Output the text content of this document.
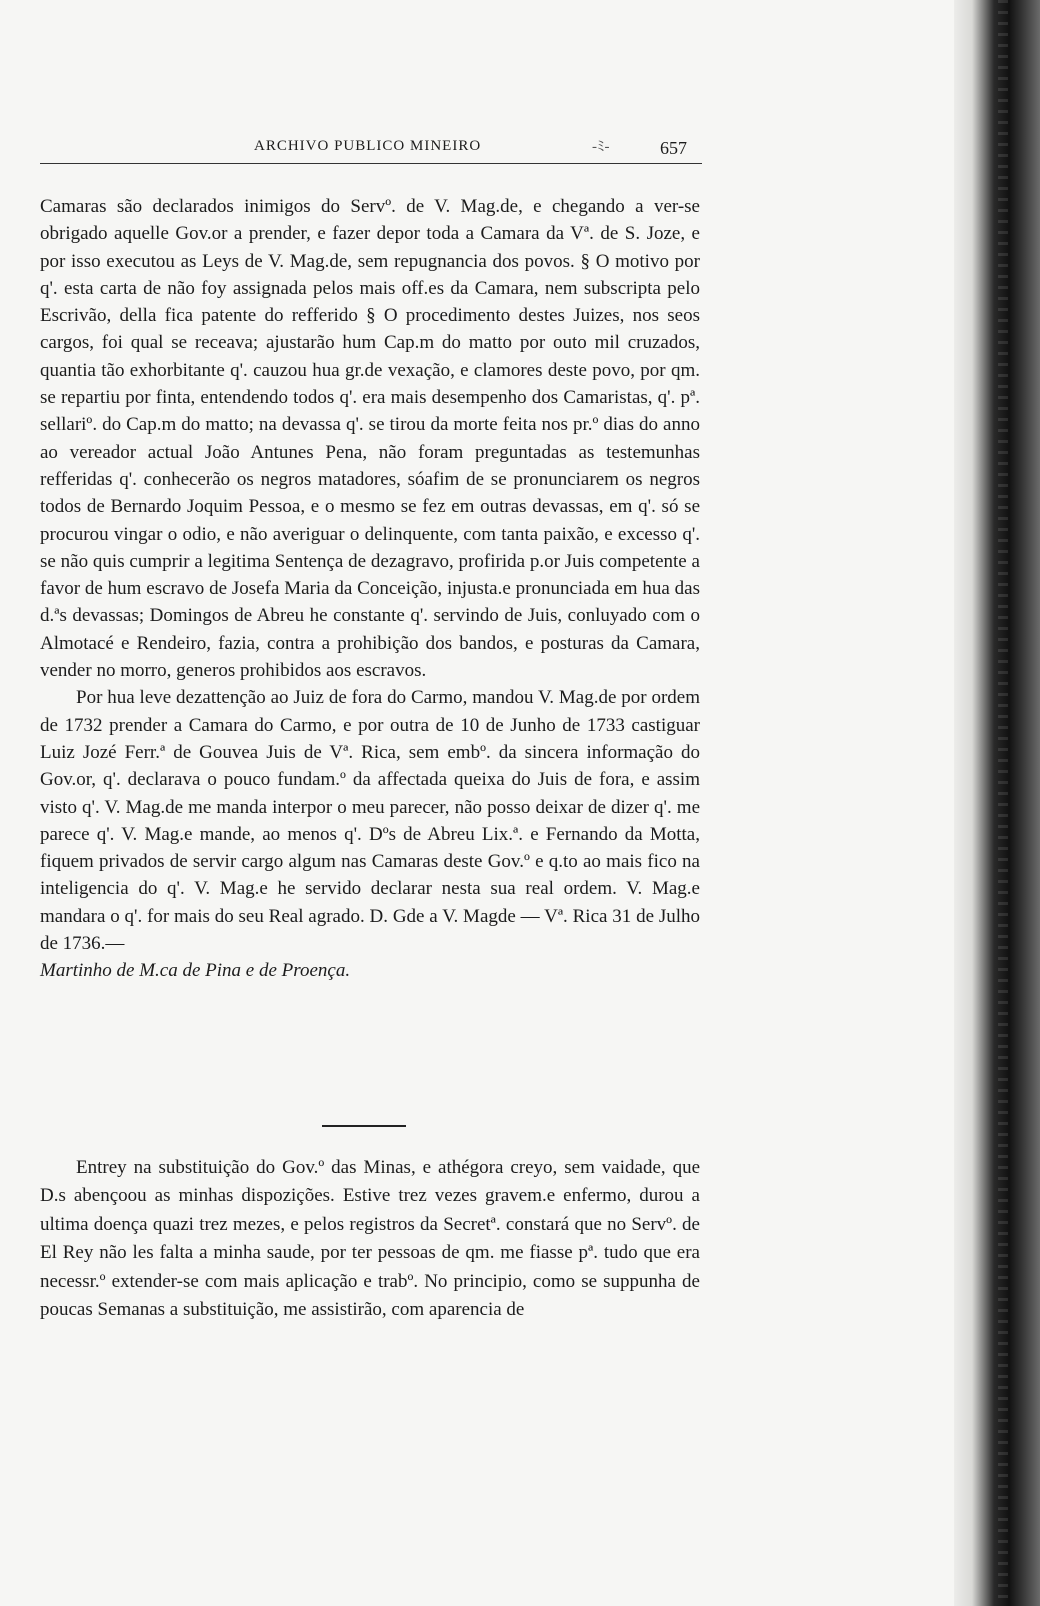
ARCHIVO PUBLICO MINEIRO	-ﾐ-	657

Camaras são declarados inimigos do Servº. de V. Mag.de, e chegando a ver-se obrigado aquelle Gov.or a prender, e fazer depor toda a Camara da Vª. de S. Joze, e por isso executou as Leys de V. Mag.de, sem repugnancia dos povos. § O motivo por q'. esta carta de não foy assignada pelos mais off.es da Camara, nem subscripta pelo Escrivão, della fica patente do refferido § O procedimento destes Juizes, nos seos cargos, foi qual se receava; ajustarão hum Cap.m do matto por outo mil cruzados, quantia tão exhorbitante q'. cauzou hua gr.de vexação, e clamores deste povo, por qm. se repartiu por finta, entendendo todos q'. era mais desempenho dos Camaristas, q'. pª. sellariº. do Cap.m do matto; na devassa q'. se tirou da morte feita nos pr.º dias do anno ao vereador actual João Antunes Pena, não foram preguntadas as testemunhas refferidas q'. conhecerão os negros matadores, sóafim de se pronunciarem os negros todos de Bernardo Joquim Pessoa, e o mesmo se fez em outras devassas, em q'. só se procurou vingar o odio, e não averiguar o delinquente, com tanta paixão, e excesso q'. se não quis cumprir a legitima Sentença de dezagravo, profirida p.or Juis competente a favor de hum escravo de Josefa Maria da Conceição, injusta.e pronunciada em hua das d.ªs devassas; Domingos de Abreu he constante q'. servindo de Juis, conluyado com o Almotacé e Rendeiro, fazia, contra a prohibição dos bandos, e posturas da Camara, vender no morro, generos prohibidos aos escravos.

Por hua leve dezattenção ao Juiz de fora do Carmo, mandou V. Mag.de por ordem de 1732 prender a Camara do Carmo, e por outra de 10 de Junho de 1733 castiguar Luiz Jozé Ferr.ª de Gouvea Juis de Vª. Rica, sem embº. da sincera informação do Gov.or, q'. declarava o pouco fundam.º da affectada queixa do Juis de fora, e assim visto q'. V. Mag.de me manda interpor o meu parecer, não posso deixar de dizer q'. me parece q'. V. Mag.e mande, ao menos q'. Dºs de Abreu Lix.ª. e Fernando da Motta, fiquem privados de servir cargo algum nas Camaras deste Gov.º e q.to ao mais fico na inteligencia do q'. V. Mag.e he servido declarar nesta sua real ordem. V. Mag.e mandara o q'. for mais do seu Real agrado. D. Gde a V. Magde — Vª. Rica 31 de Julho de 1736.—
Martinho de M.ca de Pina e de Proença.

Entrey na substituição do Gov.º das Minas, e athégora creyo, sem vaidade, que D.s abençoou as minhas dispozições. Estive trez vezes gravem.e enfermo, durou a ultima doença quazi trez mezes, e pelos registros da Secretª. constará que no Servº. de El Rey não les falta a minha saude, por ter pessoas de qm. me fiasse pª. tudo que era necessr.º extender-se com mais aplicação e trabº. No principio, como se suppunha de poucas Semanas a substituição, me assistirão, com aparencia de
